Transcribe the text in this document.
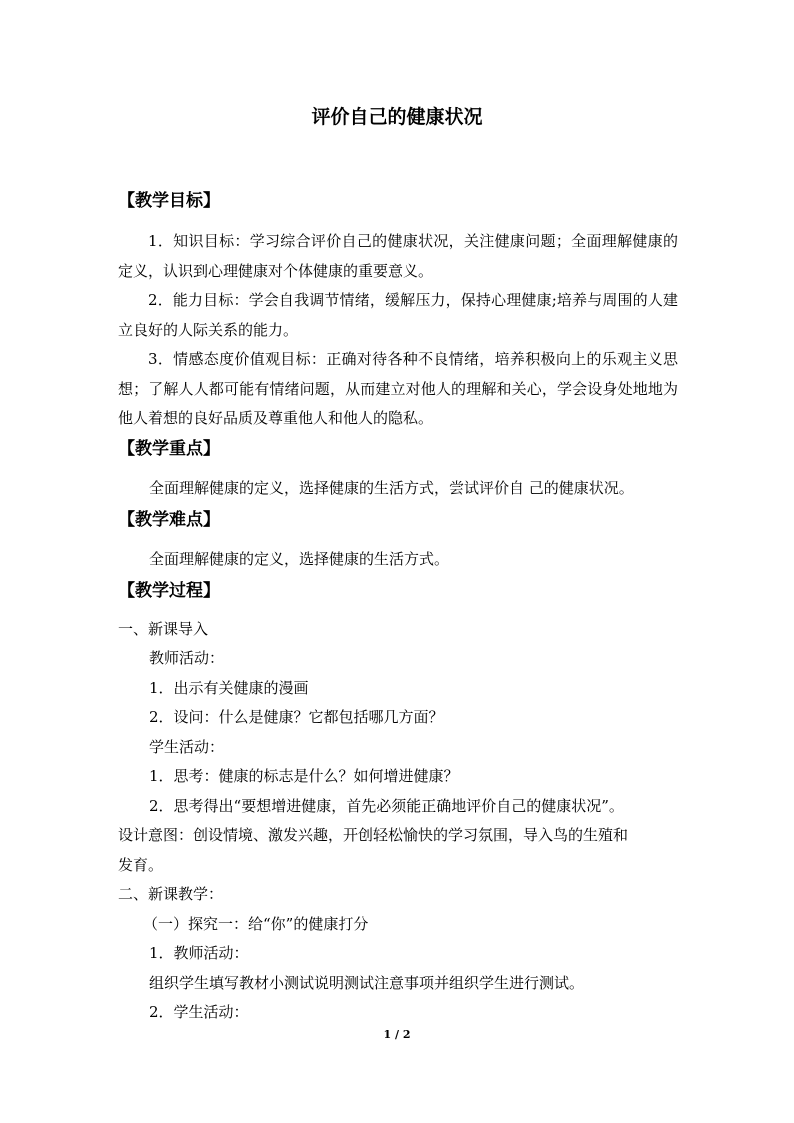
评价自己的健康状况
【教学目标】
1．知识目标：学习综合评价自己的健康状况，关注健康问题；全面理解健康的定义，认识到心理健康对个体健康的重要意义。
2．能力目标：学会自我调节情绪，缓解压力，保持心理健康;培养与周围的人建立良好的人际关系的能力。
3．情感态度价值观目标：正确对待各种不良情绪，培养积极向上的乐观主义思想；了解人人都可能有情绪问题，从而建立对他人的理解和关心，学会设身处地地为他人着想的良好品质及尊重他人和他人的隐私。
【教学重点】
全面理解健康的定义，选择健康的生活方式，尝试评价自 己的健康状况。
【教学难点】
全面理解健康的定义，选择健康的生活方式。
【教学过程】
一、新课导入
教师活动：
1．出示有关健康的漫画
2．设问：什么是健康？它都包括哪几方面？
学生活动：
1．思考：健康的标志是什么？如何增进健康？
2．思考得出“要想增进健康，首先必须能正确地评价自己的健康状况”。
设计意图：创设情境、激发兴趣，开创轻松愉快的学习氛围，导入鸟的生殖和
发育。
二、新课教学：
（一）探究一：给“你”的健康打分
1．教师活动：
组织学生填写教材小测试说明测试注意事项并组织学生进行测试。
2．学生活动：
1 / 2
